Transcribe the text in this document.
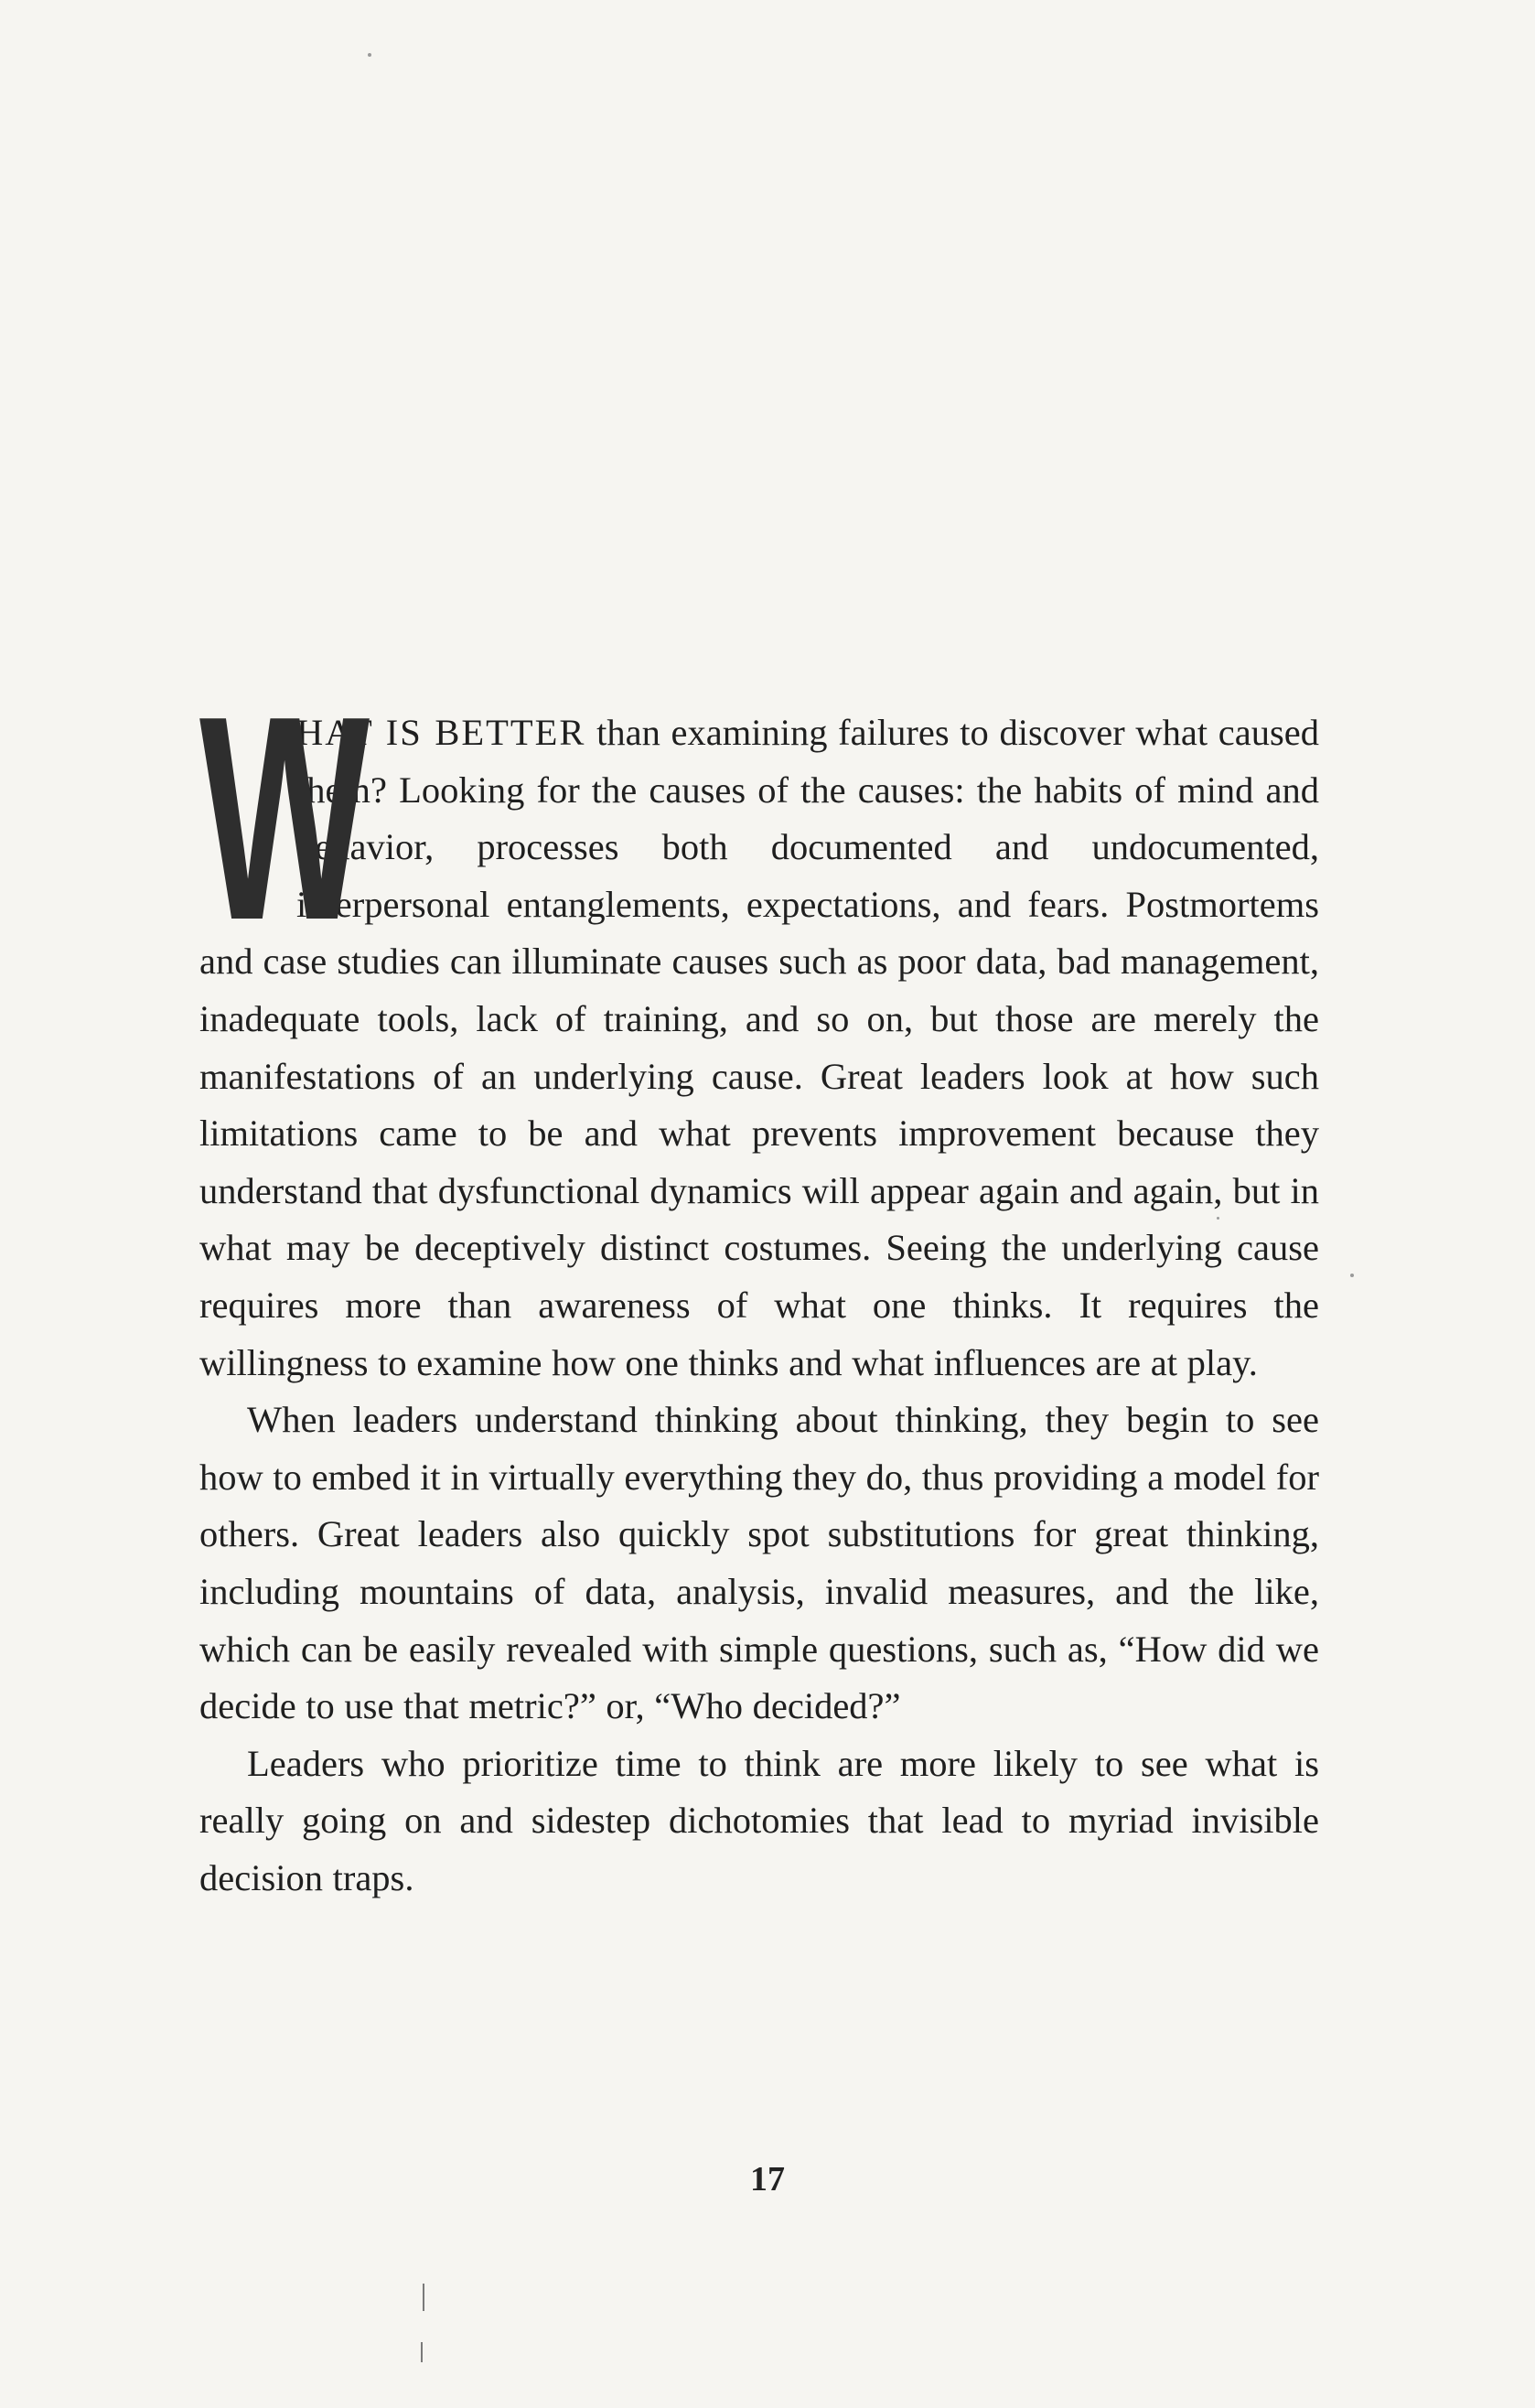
W
HAT IS BETTER than examining failures to discover what caused them? Looking for the causes of the causes: the habits of mind and behavior, processes both documented and undocumented, interpersonal entanglements, expectations, and fears. Postmortems and case studies can illuminate causes such as poor data, bad management, inadequate tools, lack of training, and so on, but those are merely the manifestations of an underlying cause. Great leaders look at how such limitations came to be and what prevents improvement because they understand that dysfunctional dynamics will appear again and again, but in what may be deceptively distinct costumes. Seeing the underlying cause requires more than awareness of what one thinks. It requires the willingness to examine how one thinks and what influences are at play.

When leaders understand thinking about thinking, they begin to see how to embed it in virtually everything they do, thus providing a model for others. Great leaders also quickly spot substitutions for great thinking, including mountains of data, analysis, invalid measures, and the like, which can be easily revealed with simple questions, such as, “How did we decide to use that metric?” or, “Who decided?”

Leaders who prioritize time to think are more likely to see what is really going on and sidestep dichotomies that lead to myriad invisible decision traps.

17
